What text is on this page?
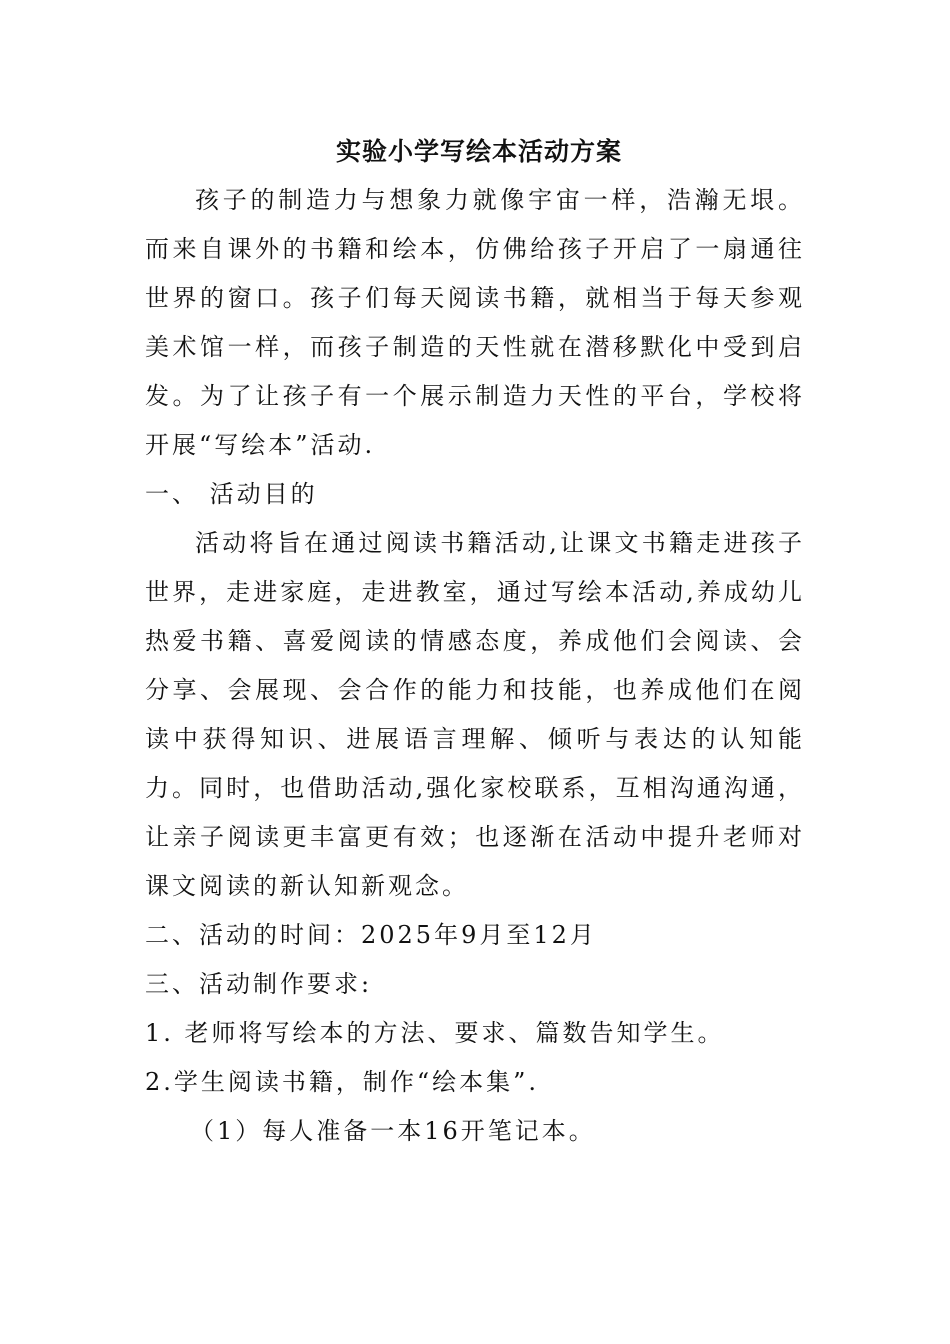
实验小学写绘本活动方案

孩子的制造力与想象力就像宇宙一样，浩瀚无垠。而来自课外的书籍和绘本，仿佛给孩子开启了一扇通往世界的窗口。孩子们每天阅读书籍，就相当于每天参观美术馆一样，而孩子制造的天性就在潜移默化中受到启发。为了让孩子有一个展示制造力天性的平台，学校将开展“写绘本”活动.

一、 活动目的

活动将旨在通过阅读书籍活动,让课文书籍走进孩子世界，走进家庭，走进教室，通过写绘本活动,养成幼儿热爱书籍、喜爱阅读的情感态度，养成他们会阅读、会分享、会展现、会合作的能力和技能，也养成他们在阅读中获得知识、进展语言理解、倾听与表达的认知能力。同时，也借助活动,强化家校联系，互相沟通沟通，让亲子阅读更丰富更有效；也逐渐在活动中提升老师对课文阅读的新认知新观念。

二、活动的时间：2025年9月至12月

三、活动制作要求:

1. 老师将写绘本的方法、要求、篇数告知学生。

2.学生阅读书籍，制作“绘本集”.

（1）每人准备一本16开笔记本。
